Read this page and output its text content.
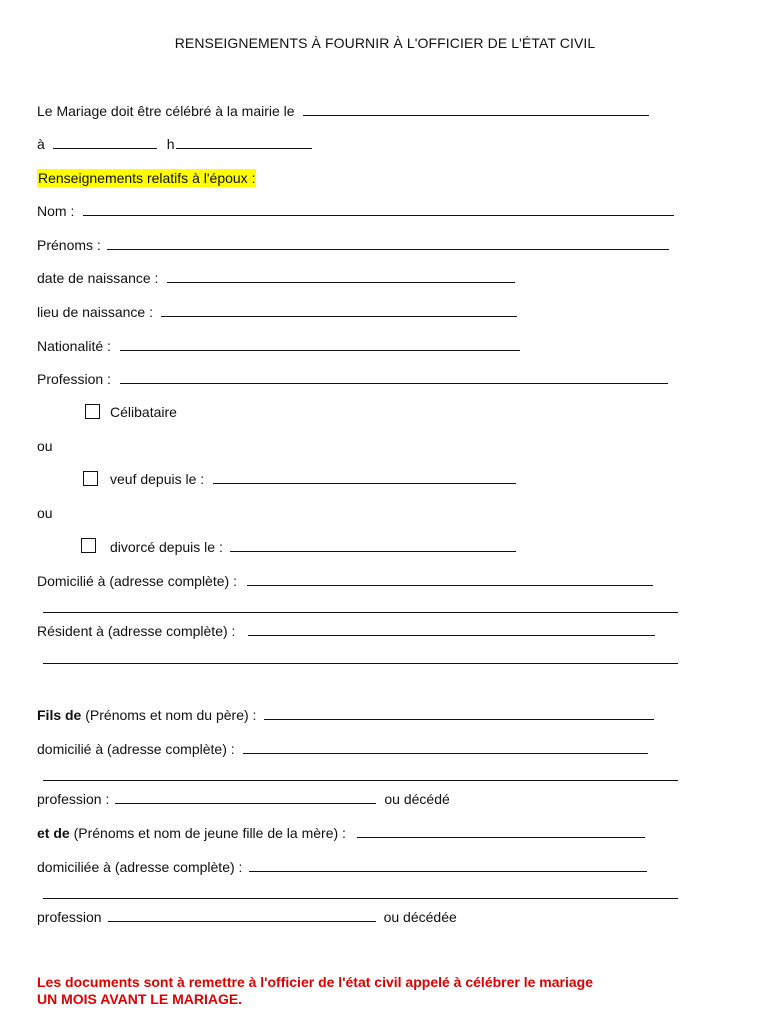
RENSEIGNEMENTS À FOURNIR À L'OFFICIER DE L'ÉTAT CIVIL
Le Mariage doit être célébré à la mairie le
à	h
Renseignements relatifs à l'époux :
Nom :
Prénoms :
date de naissance :
lieu de naissance :
Nationalité :
Profession :
Célibataire
ou
veuf depuis le :
ou
divorcé depuis le :
Domicilié à (adresse complète) :
Résident à (adresse complète) :
Fils de (Prénoms et nom du père) :
domicilié à (adresse complète) :
profession :	ou décédé
et de (Prénoms et nom de jeune fille de la mère) :
domiciliée à (adresse complète) :
profession	ou décédée
Les documents sont à remettre à l'officier de l'état civil appelé à célébrer le mariage
UN MOIS AVANT LE MARIAGE.
